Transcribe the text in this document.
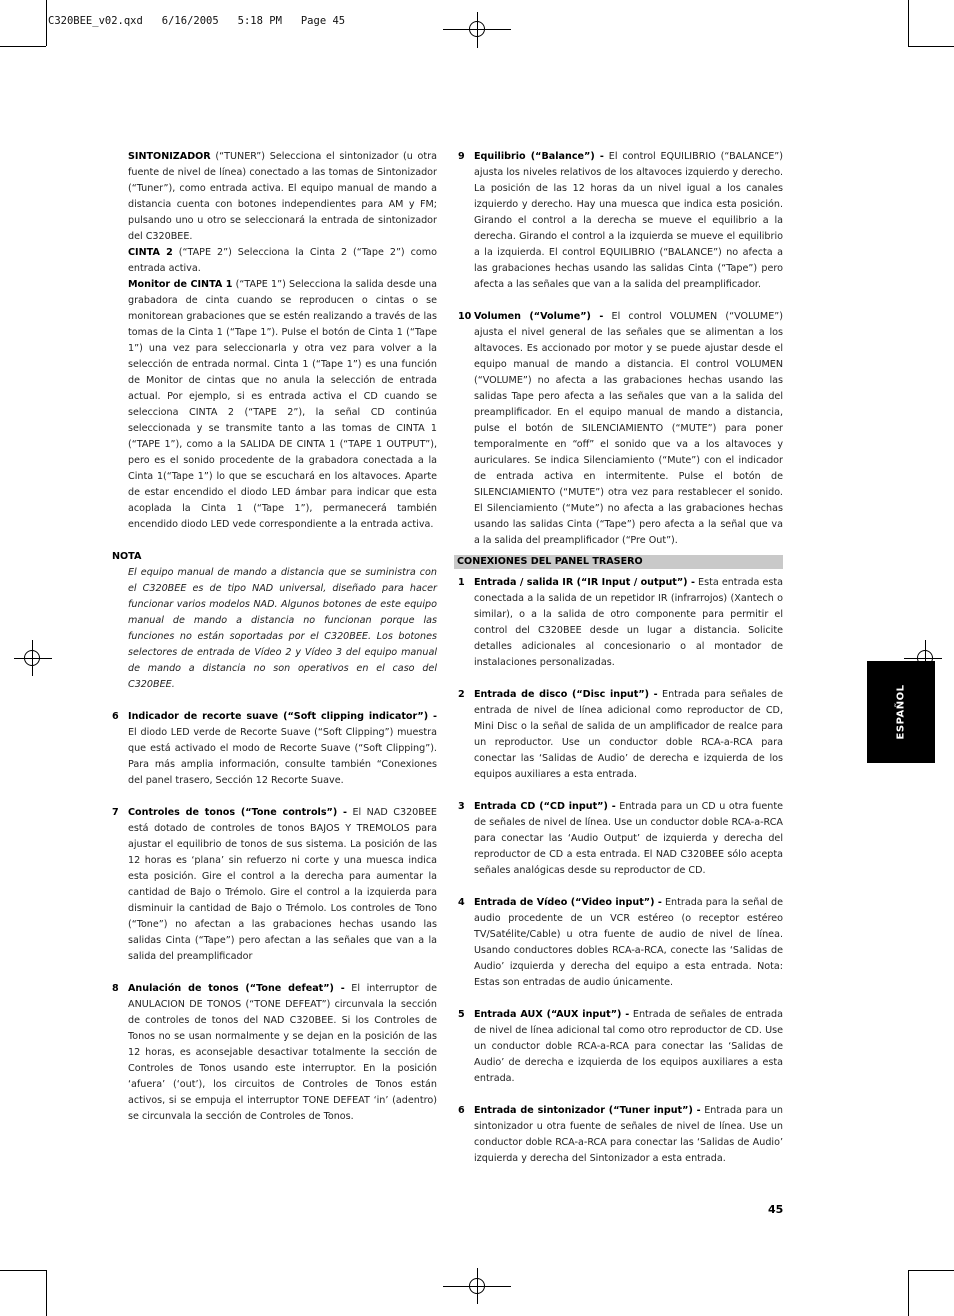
C320BEE_v02.qxd   6/16/2005   5:18 PM   Page 45

SINTONIZADOR (“TUNER”) Selecciona el sintonizador (u otra fuente de nivel de línea) conectado a las tomas de Sintonizador (“Tuner”), como entrada activa. El equipo manual de mando a distancia cuenta con botones independientes para AM y FM; pulsando uno u otro se seleccionará la entrada de sintonizador del C320BEE.

CINTA 2 (“TAPE 2”) Selecciona la Cinta 2 (“Tape 2”) como entrada activa.

Monitor de CINTA 1 (“TAPE 1”) Selecciona la salida desde una grabadora de cinta cuando se reproducen o cintas o se monitorean grabaciones que se estén realizando a través de las tomas de la Cinta 1 (“Tape 1”). Pulse el botón de Cinta 1 (“Tape 1”) una vez para seleccionarla y otra vez para volver a la selección de entrada normal. Cinta 1 (“Tape 1”) es una función de Monitor de cintas que no anula la selección de entrada actual. Por ejemplo, si es entrada activa el CD cuando se selecciona CINTA 2 (“TAPE 2”), la señal CD continúa seleccionada y se transmite tanto a las tomas de CINTA 1 (“TAPE 1”), como a la SALIDA DE CINTA 1 (“TAPE 1 OUTPUT”), pero es el sonido procedente de la grabadora conectada a la Cinta 1(“Tape 1”) lo que se escuchará en los altavoces. Aparte de estar encendido el diodo LED ámbar para indicar que esta acoplada la Cinta 1 (“Tape 1”), permanecerá también encendido diodo LED vede correspondiente a la entrada activa.

NOTA

El equipo manual de mando a distancia que se suministra con el C320BEE es de tipo NAD universal, diseñado para hacer funcionar varios modelos NAD. Algunos botones de este equipo manual de mando a distancia no funcionan porque las funciones no están soportadas por el C320BEE. Los botones selectores de entrada de Vídeo 2 y Vídeo 3 del equipo manual de mando a distancia no son operativos en el caso del C320BEE.

6 Indicador de recorte suave (“Soft clipping indicator”) - El diodo LED verde de Recorte Suave (“Soft Clipping”) muestra que está activado el modo de Recorte Suave (“Soft Clipping”). Para más amplia información, consulte también “Conexiones del panel trasero, Sección 12 Recorte Suave.
7 Controles de tonos (“Tone controls”) - El NAD C320BEE está dotado de controles de tonos BAJOS Y TREMOLOS para ajustar el equilibrio de tonos de sus sistema. La posición de las 12 horas es ‘plana’ sin refuerzo ni corte y una muesca indica esta posición. Gire el control a la derecha para aumentar la cantidad de Bajo o Trémolo. Gire el control a la izquierda para disminuir la cantidad de Bajo o Trémolo. Los controles de Tono (“Tone”) no afectan a las grabaciones hechas usando las salidas Cinta (“Tape”) pero afectan a las señales que van a la salida del preamplificador
8 Anulación de tonos (“Tone defeat”) - El interruptor de ANULACION DE TONOS (“TONE DEFEAT”) circunvala la sección de controles de tonos del NAD C320BEE. Si los Controles de Tonos no se usan normalmente y se dejan en la posición de las 12 horas, es aconsejable desactivar totalmente la sección de Controles de Tonos usando este interruptor. En la posición ‘afuera’ (‘out’), los circuitos de Controles de Tonos están activos, si se empuja el interruptor TONE DEFEAT ‘in’ (adentro) se circunvala la sección de Controles de Tonos.
9 Equilibrio (“Balance”) - El control EQUILIBRIO (“BALANCE”) ajusta los niveles relativos de los altavoces izquierdo y derecho. La posición de las 12 horas da un nivel igual a los canales izquierdo y derecho. Hay una muesca que indica esta posición. Girando el control a la derecha se mueve el equilibrio a la derecha. Girando el control a la izquierda se mueve el equilibrio a la izquierda. El control EQUILIBRIO (“BALANCE”) no afecta a las grabaciones hechas usando las salidas Cinta (“Tape”) pero afecta a las señales que van a la salida del preamplificador.
10 Volumen (“Volume”) - El control VOLUMEN (“VOLUME”) ajusta el nivel general de las señales que se alimentan a los altavoces. Es accionado por motor y se puede ajustar desde el equipo manual de mando a distancia. El control VOLUMEN (“VOLUME”) no afecta a las grabaciones hechas usando las salidas Tape pero afecta a las señales que van a la salida del preamplificador. En el equipo manual de mando a distancia, pulse el botón de SILENCIAMIENTO (“MUTE”) para poner temporalmente en “off” el sonido que va a los altavoces y auriculares. Se indica Silenciamiento (“Mute”) con el indicador de entrada activa en intermitente. Pulse el botón de SILENCIAMIENTO (“MUTE”) otra vez para restablecer el sonido. El Silenciamiento (“Mute”) no afecta a las grabaciones hechas usando las salidas Cinta (“Tape”) pero afecta a la señal que va a la salida del preamplificador (“Pre Out”).
CONEXIONES DEL PANEL TRASERO
1 Entrada / salida IR (“IR Input / output”) - Esta entrada esta conectada a la salida de un repetidor IR (infrarrojos) (Xantech o similar), o a la salida de otro componente para permitir el control del C320BEE desde un lugar a distancia. Solicite detalles adicionales al concesionario o al montador de instalaciones personalizadas.
2 Entrada de disco (“Disc input”) - Entrada para señales de entrada de nivel de línea adicional como reproductor de CD, Mini Disc o la señal de salida de un amplificador de realce para un reproductor. Use un conductor doble RCA-a-RCA para conectar las ‘Salidas de Audio’ de derecha e izquierda de los equipos auxiliares a esta entrada.
3 Entrada CD (“CD input”) - Entrada para un CD u otra fuente de señales de nivel de línea. Use un conductor doble RCA-a-RCA para conectar las ‘Audio Output’ de izquierda y derecha del reproductor de CD a esta entrada. El NAD C320BEE sólo acepta señales analógicas desde su reproductor de CD.
4 Entrada de Vídeo (“Video input”) - Entrada para la señal de audio procedente de un VCR estéreo (o receptor estéreo TV/Satélite/Cable) u otra fuente de audio de nivel de línea. Usando conductores dobles RCA-a-RCA, conecte las ‘Salidas de Audio’ izquierda y derecha del equipo a esta entrada. Nota: Estas son entradas de audio únicamente.
5 Entrada AUX (“AUX input”) - Entrada de señales de entrada de nivel de línea adicional tal como otro reproductor de CD. Use un conductor doble RCA-a-RCA para conectar las ‘Salidas de Audio’ de derecha e izquierda de los equipos auxiliares a esta entrada.
6 Entrada de sintonizador (“Tuner input”) - Entrada para un sintonizador u otra fuente de señales de nivel de línea. Use un conductor doble RCA-a-RCA para conectar las ‘Salidas de Audio’ izquierda y derecha del Sintonizador a esta entrada.
ESPAÑOL
45
